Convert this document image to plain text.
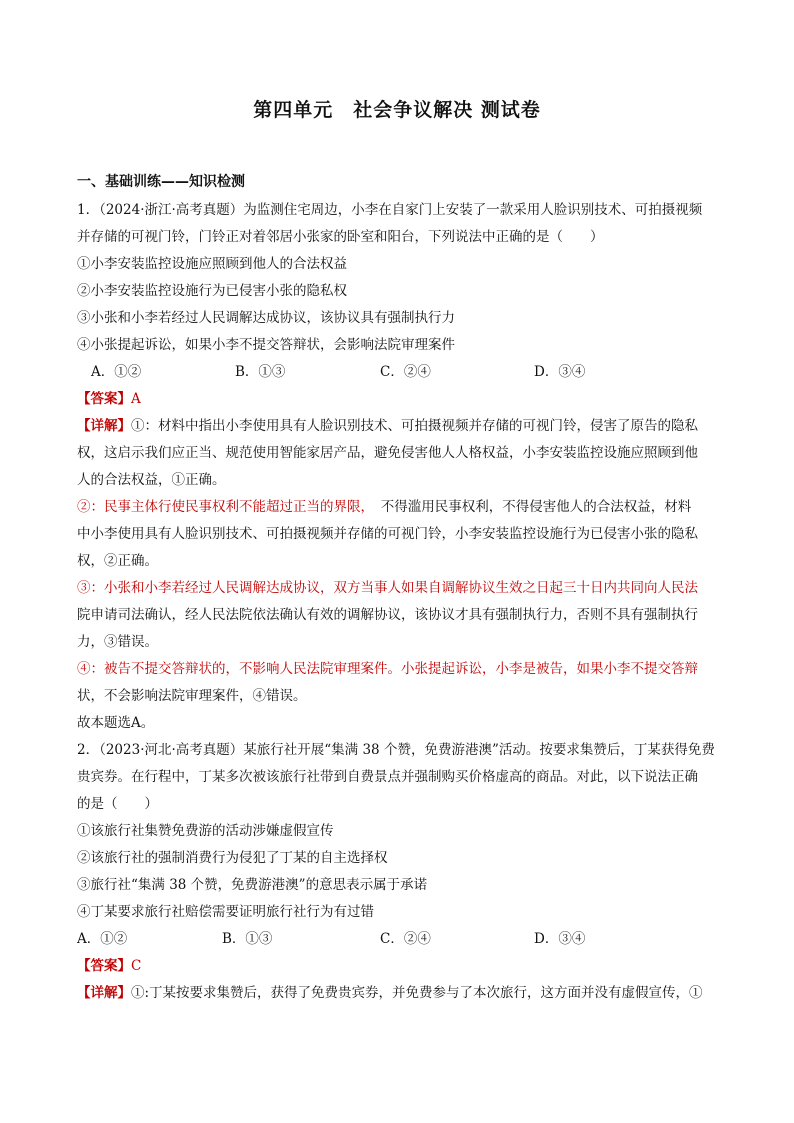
第四单元　社会争议解决 测试卷
一、基础训练——知识检测
1．（2024·浙江·高考真题）为监测住宅周边，小李在自家门上安装了一款采用人脸识别技术、可拍摄视频
并存储的可视门铃，门铃正对着邻居小张家的卧室和阳台，下列说法中正确的是（　　）
①小李安装监控设施应照顾到他人的合法权益
②小李安装监控设施行为已侵害小张的隐私权
③小张和小李若经过人民调解达成协议，该协议具有强制执行力
④小张提起诉讼，如果小李不提交答辩状，会影响法院审理案件
A．①②	B．①③	C．②④	D．③④
【答案】A
【详解】①：材料中指出小李使用具有人脸识别技术、可拍摄视频并存储的可视门铃，侵害了原告的隐私
权，这启示我们应正当、规范使用智能家居产品，避免侵害他人人格权益，小李安装监控设施应照顾到他
人的合法权益，①正确。
②：民事主体行使民事权利不能超过正当的界限，　不得滥用民事权利，不得侵害他人的合法权益，材料
中小李使用具有人脸识别技术、可拍摄视频并存储的可视门铃，小李安装监控设施行为已侵害小张的隐私
权，②正确。
③：小张和小李若经过人民调解达成协议，双方当事人如果自调解协议生效之日起三十日内共同向人民法
院申请司法确认，经人民法院依法确认有效的调解协议，该协议才具有强制执行力，否则不具有强制执行
力，③错误。
④：被告不提交答辩状的，不影响人民法院审理案件。小张提起诉讼，小李是被告，如果小李不提交答辩
状，不会影响法院审理案件，④错误。
故本题选A。
2．（2023·河北·高考真题）某旅行社开展“集满 38 个赞，免费游港澳”活动。按要求集赞后，丁某获得免费
贵宾券。在行程中，丁某多次被该旅行社带到自费景点并强制购买价格虚高的商品。对此，以下说法正确
的是（　　）
①该旅行社集赞免费游的活动涉嫌虚假宣传
②该旅行社的强制消费行为侵犯了丁某的自主选择权
③旅行社“集满 38 个赞，免费游港澳”的意思表示属于承诺
④丁某要求旅行社赔偿需要证明旅行社行为有过错
A．①②	B．①③	C．②④	D．③④
【答案】C
【详解】①:丁某按要求集赞后，获得了免费贵宾券，并免费参与了本次旅行，这方面并没有虚假宣传，①
